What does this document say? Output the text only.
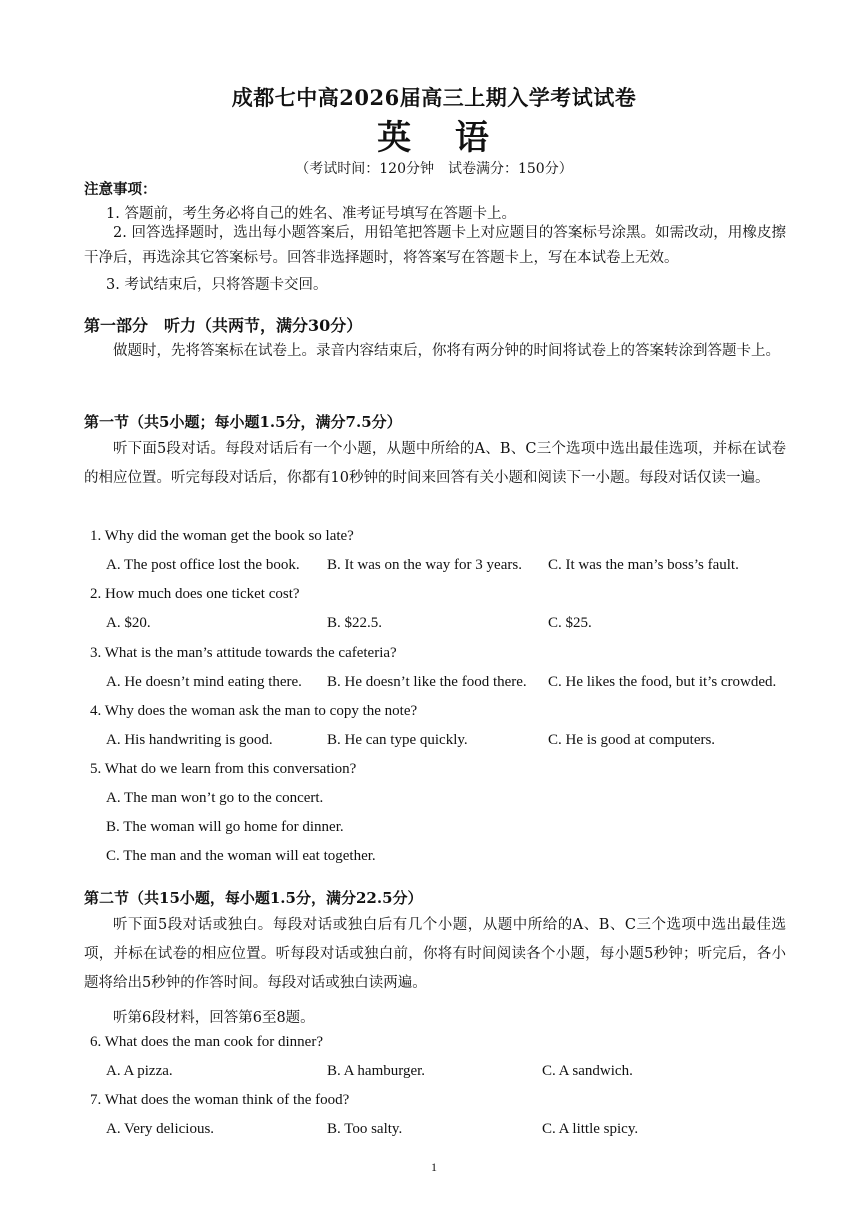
成都七中高2026届高三上期入学考试试卷
英 语
（考试时间：120分钟　试卷满分：150分）
注意事项：
1. 答题前，考生务必将自己的姓名、准考证号填写在答题卡上。
2. 回答选择题时，选出每小题答案后，用铅笔把答题卡上对应题目的答案标号涂黑。如需改动，用橡皮擦干净后，再选涂其它答案标号。回答非选择题时，将答案写在答题卡上，写在本试卷上无效。
3. 考试结束后，只将答题卡交回。
第一部分　听力（共两节，满分30分）
做题时，先将答案标在试卷上。录音内容结束后，你将有两分钟的时间将试卷上的答案转涂到答题卡上。
第一节（共5小题；每小题1.5分，满分7.5分）
听下面5段对话。每段对话后有一个小题，从题中所给的A、B、C三个选项中选出最佳选项，并标在试卷的相应位置。听完每段对话后，你都有10秒钟的时间来回答有关小题和阅读下一小题。每段对话仅读一遍。
1. Why did the woman get the book so late?
A. The post office lost the book. B. It was on the way for 3 years. C. It was the man’s boss’s fault.
2. How much does one ticket cost?
A. $20.	B. $22.5.	C. $25.
3. What is the man’s attitude towards the cafeteria?
A. He doesn’t mind eating there. B. He doesn’t like the food there. C. He likes the food, but it’s crowded.
4. Why does the woman ask the man to copy the note?
A. His handwriting is good.	B. He can type quickly.	C. He is good at computers.
5. What do we learn from this conversation?
A. The man won’t go to the concert.
B. The woman will go home for dinner.
C. The man and the woman will eat together.
第二节（共15小题，每小题1.5分，满分22.5分）
听下面5段对话或独白。每段对话或独白后有几个小题，从题中所给的A、B、C三个选项中选出最佳选项，并标在试卷的相应位置。听每段对话或独白前，你将有时间阅读各个小题，每小题5秒钟；听完后，各小题将给出5秒钟的作答时间。每段对话或独白读两遍。
听第6段材料，回答第6至8题。
6. What does the man cook for dinner?
A. A pizza.	B. A hamburger.	C. A sandwich.
7. What does the woman think of the food?
A. Very delicious.	B. Too salty.	C. A little spicy.
1
